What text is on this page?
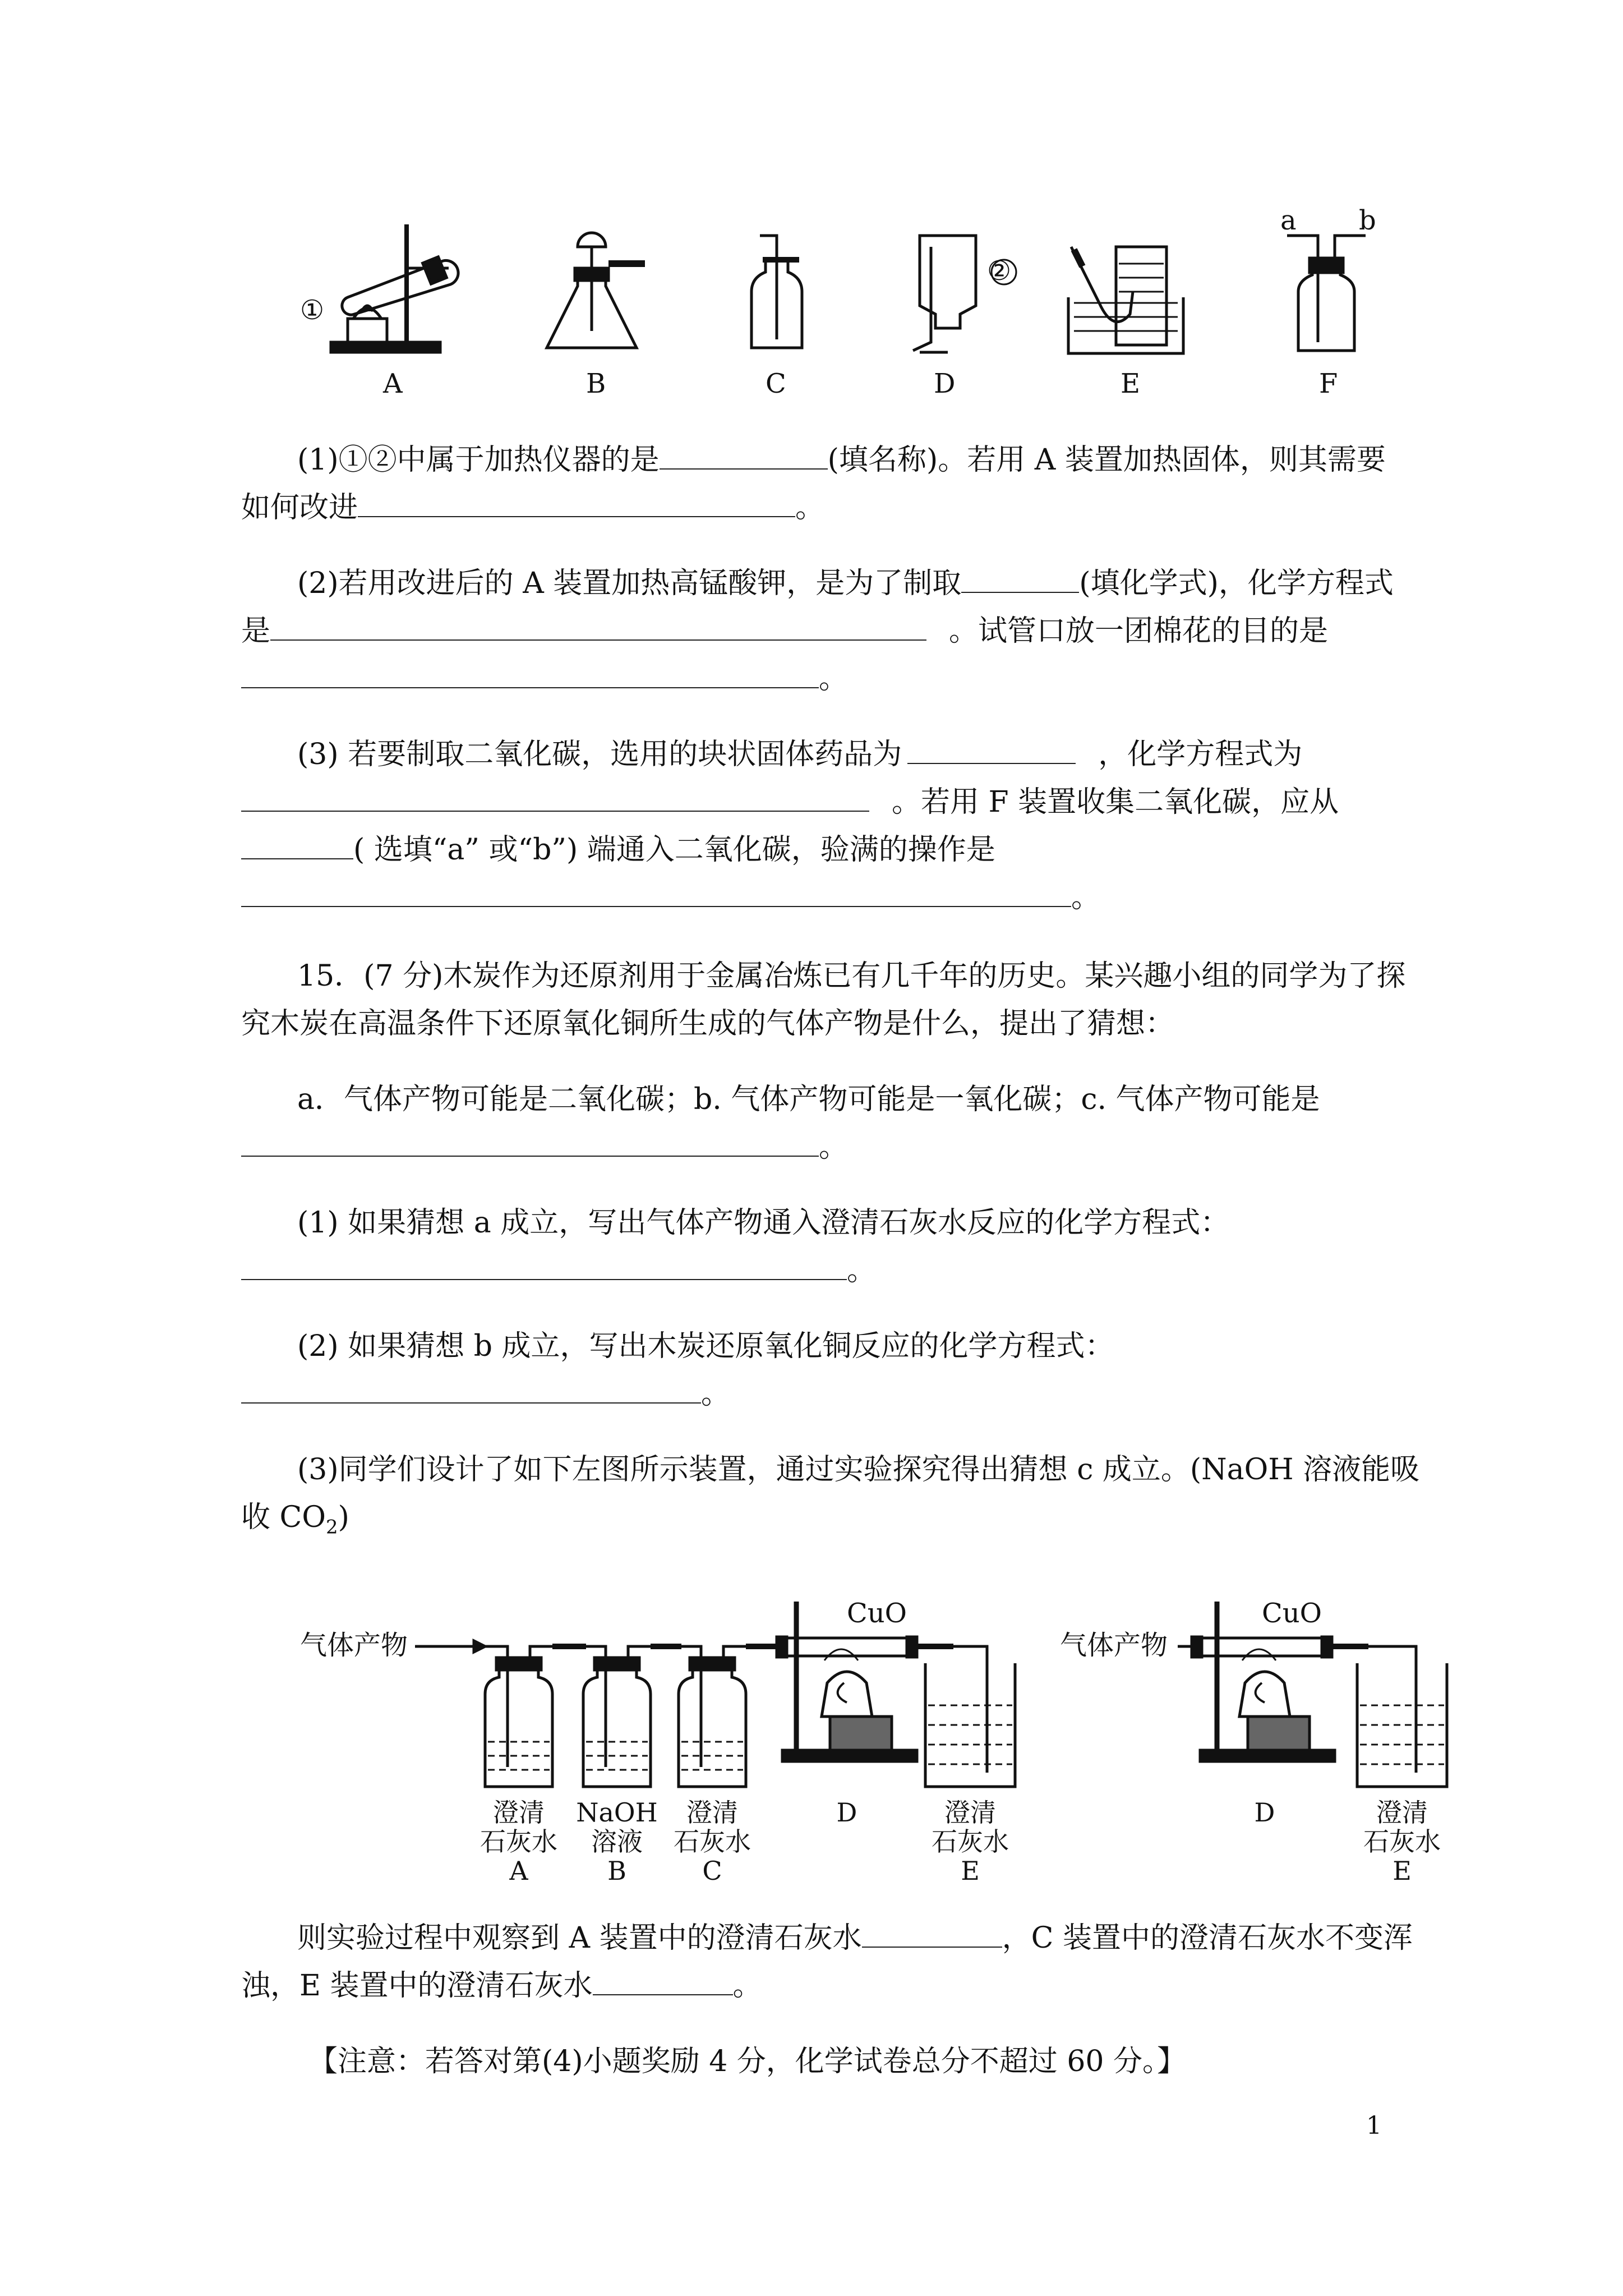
①
②
a b
A	B	C	D	E	F
(1)①②中属于加热仪器的是	(填名称)。若用 A 装置加热固体，则其需要
如何改进	。
(2)若用改进后的 A 装置加热高锰酸钾，是为了制取	(填化学式)，化学方程式
是	。试管口放一团棉花的目的是
。
(3) 若要制取二氧化碳，选用的块状固体药品为	，化学方程式为
。若用 F 装置收集二氧化碳，应从
( 选填“a” 或“b”) 端通入二氧化碳，验满的操作是
。
15．(7 分)木炭作为还原剂用于金属冶炼已有几千年的历史。某兴趣小组的同学为了探
究木炭在高温条件下还原氧化铜所生成的气体产物是什么，提出了猜想：
a．气体产物可能是二氧化碳；b. 气体产物可能是一氧化碳；c. 气体产物可能是
。
(1) 如果猜想 a 成立，写出气体产物通入澄清石灰水反应的化学方程式：
。
(2) 如果猜想 b 成立，写出木炭还原氧化铜反应的化学方程式：
。
(3)同学们设计了如下左图所示装置，通过实验探究得出猜想 c 成立。(NaOH 溶液能吸
收 $CO_2$)
气体产物
CuO
气体产物
CuO
澄清
石灰水
A
NaOH
溶液
B
澄清
石灰水
C
D	澄清
石灰水
E
D	澄清
石灰水
E
则实验过程中观察到 A 装置中的澄清石灰水	，C 装置中的澄清石灰水不变浑
浊，E 装置中的澄清石灰水	。
【注意：若答对第(4)小题奖励 4 分，化学试卷总分不超过 60 分。】
1
